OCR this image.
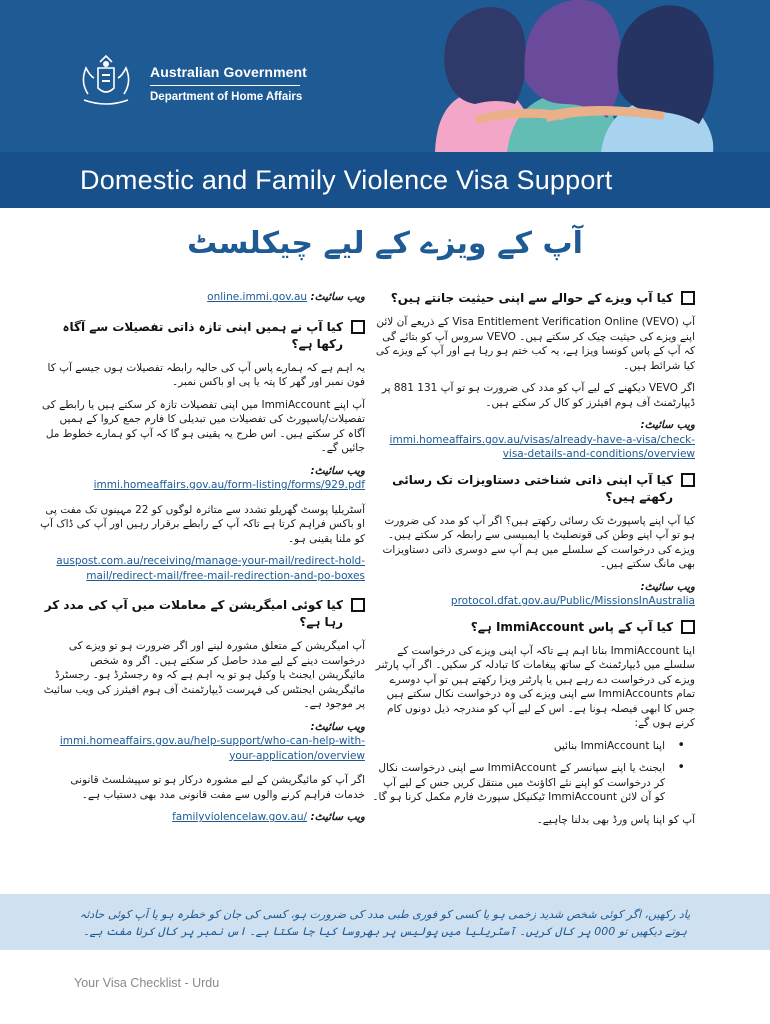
Australian Government
Department of Home Affairs
Domestic and Family Violence Visa Support
آپ کے ویزے کے لیے چیکلسٹ
کیا آپ ویزے کے حوالے سے اپنی حیثیت جانتے ہیں؟

آپ Visa Entitlement Verification Online (VEVO) کے ذریعے آن لائن اپنے ویزے کی حیثیت چیک کر سکتے ہیں۔ VEVO سروس آپ کو بتائے گی کہ آپ کے پاس کونسا ویزا ہے، یہ کب ختم ہو رہا ہے اور آپ کے ویزے کی کیا شرائط ہیں۔

اگر VEVO دیکھنے کے لیے آپ کو مدد کی ضرورت ہو تو آپ 131 881 پر ڈیپارٹمنٹ آف ہوم افیئرز کو کال کر سکتے ہیں۔

ویب سائیٹ:
immi.homeaffairs.gov.au/visas/already-have-a-visa/check-visa-details-and-conditions/overview

کیا آپ اپنی ذاتی شناختی دستاویزات تک رسائی رکھتے ہیں؟

کیا آپ اپنے پاسپورٹ تک رسائی رکھتے ہیں؟ اگر آپ کو مدد کی ضرورت ہو تو آپ اپنے وطن کی قونصلیٹ یا ایمبیسی سے رابطہ کر سکتے ہیں۔ ویزے کی درخواست کے سلسلے میں ہم آپ سے دوسری ذاتی دستاویزات بھی مانگ سکتے ہیں۔

ویب سائیٹ:
protocol.dfat.gov.au/Public/MissionsInAustralia

کیا آپ کے پاس ImmiAccount ہے؟

اپنا ImmiAccount بنانا اہم ہے تاکہ آپ اپنی ویزے کی درخواست کے سلسلے میں ڈیپارٹمنٹ کے ساتھ پیغامات کا تبادلہ کر سکیں۔ اگر آپ پارٹنر ویزے کی درخواست دے رہے ہیں یا پارٹنر ویزا رکھتے ہیں تو آپ دوسرے تمام ImmiAccounts سے اپنی ویزے کی وہ درخواست نکال سکتے ہیں جس کا ابھی فیصلہ ہونا ہے۔ اس کے لیے آپ کو مندرجہ ذیل دونوں کام کرنے ہوں گے:

• اپنا ImmiAccount بنائیں
• ایجنٹ یا اپنے سپانسر کے ImmiAccount سے اپنی درخواست نکال کر درخواست کو اپنے نئے اکاؤنٹ میں منتقل کریں جس کے لیے آپ کو آن لائن ImmiAccount ٹیکنیکل سپورٹ فارم مکمل کرنا ہو گا۔

آپ کو اپنا پاس ورڈ بھی بدلنا چاہیے۔

ویب سائیٹ: online.immi.gov.au

کیا آپ نے ہمیں اپنی تازہ ذاتی تفصیلات سے آگاہ رکھا ہے؟

یہ اہم ہے کہ ہمارے پاس آپ کی حالیہ رابطہ تفصیلات ہوں جیسے آپ کا فون نمبر اور گھر کا پتہ یا پی او باکس نمبر۔

آپ اپنے ImmiAccount میں اپنی تفصیلات تازہ کر سکتے ہیں یا رابطے کی تفصیلات/پاسپورٹ کی تفصیلات میں تبدیلی کا فارم جمع کروا کے ہمیں آگاہ کر سکتے ہیں۔ اس طرح یہ یقینی ہو گا کہ آپ کو ہمارے خطوط مل جائیں گے۔

ویب سائیٹ:
immi.homeaffairs.gov.au/form-listing/forms/929.pdf

آسٹریلیا پوسٹ گھریلو تشدد سے متاثرہ لوگوں کو 22 مہینوں تک مفت پی او باکس فراہم کرتا ہے تاکہ آپ کے رابطے برقرار رہیں اور آپ کی ڈاک آپ کو ملنا یقینی ہو۔

auspost.com.au/receiving/manage-your-mail/redirect-hold-mail/redirect-mail/free-mail-redirection-and-po-boxes

کیا کوئی امیگریشن کے معاملات میں آپ کی مدد کر رہا ہے؟

آپ امیگریشن کے متعلق مشورہ لینے اور اگر ضرورت ہو تو ویزے کی درخواست دینے کے لیے مدد حاصل کر سکتے ہیں۔ اگر وہ شخص مائیگریشن ایجنٹ یا وکیل ہو تو یہ اہم ہے کہ وہ رجسٹرڈ ہو۔ رجسٹرڈ مائیگریشن ایجنٹس کی فہرست ڈیپارٹمنٹ آف ہوم افیئرز کی ویب سائیٹ پر موجود ہے۔

ویب سائیٹ:
immi.homeaffairs.gov.au/help-support/who-can-help-with-your-application/overview

اگر آپ کو مائیگریشن کے لیے مشورہ درکار ہو تو سپیشلسٹ قانونی خدمات فراہم کرنے والوں سے مفت قانونی مدد بھی دستیاب ہے۔

ویب سائیٹ: familyviolencelaw.gov.au/

یاد رکھیں، اگر کوئی شخص شدید زخمی ہو یا کسی کو فوری طبی مدد کی ضرورت ہو، کسی کی جان کو خطرہ ہو یا آپ کوئی حادثہ

ہوتے دیکھیں تو 000 پر کال کریں۔ آسٹریلیا میں پولیس پر بھروسا کیا جا سکتا ہے۔ اس نمبر پر کال کرنا مفت ہے۔

Your Visa Checklist - Urdu
